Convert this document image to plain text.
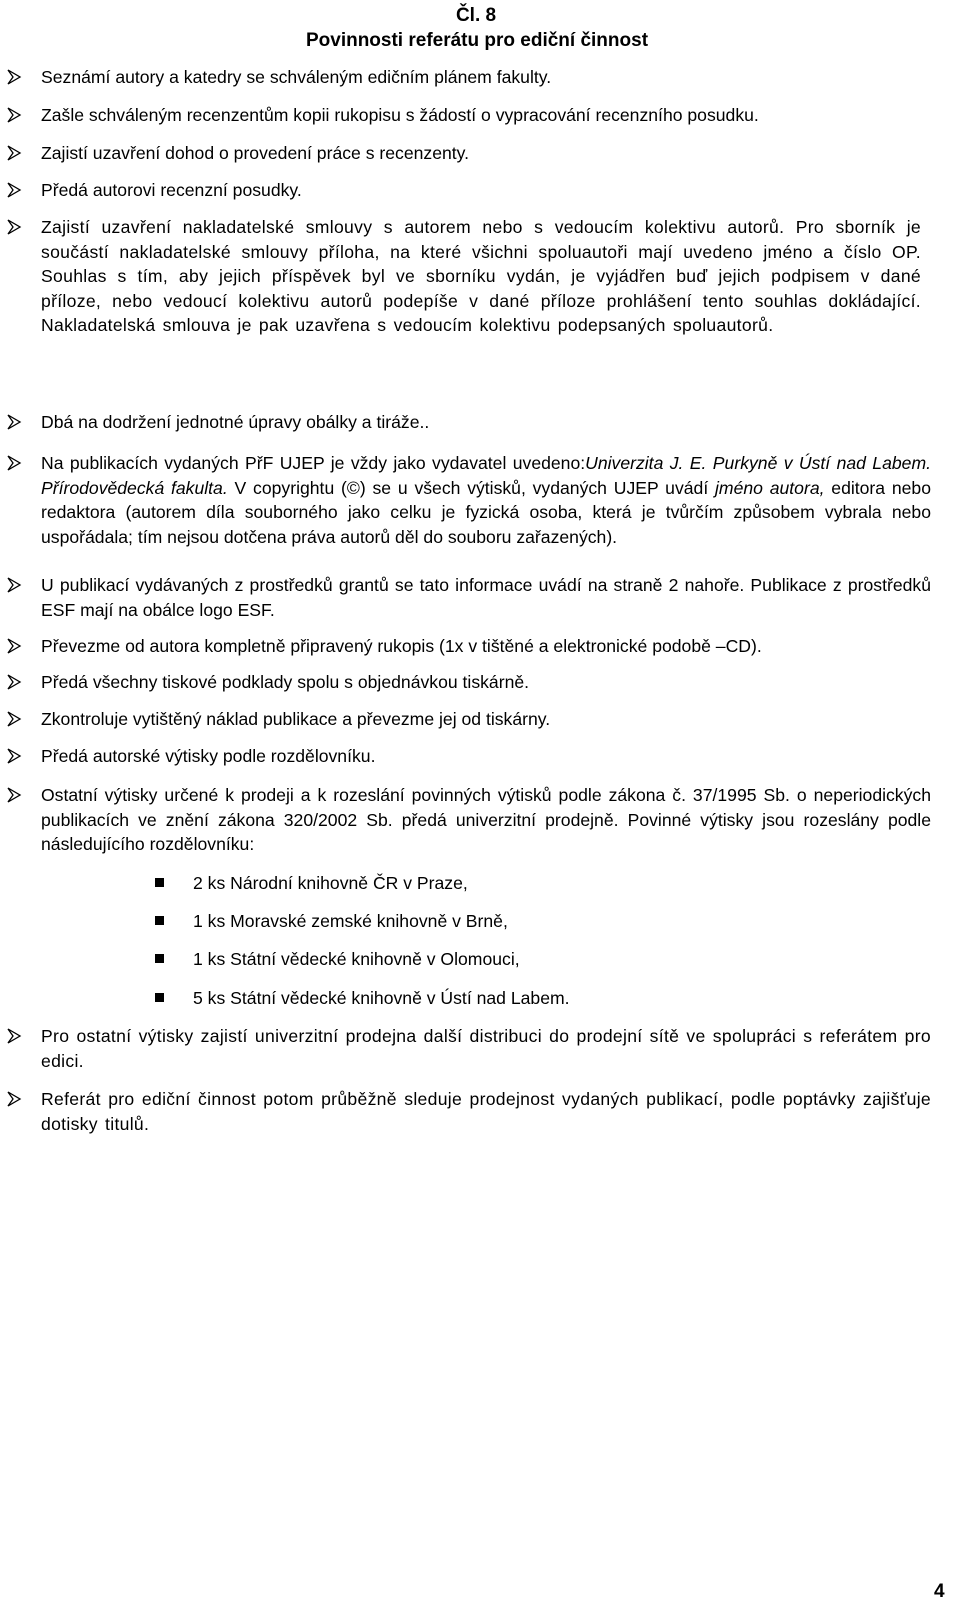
Čl. 8
Povinnosti referátu pro ediční činnost
Seznámí autory a katedry se schváleným edičním plánem fakulty.
Zašle schváleným recenzentům kopii rukopisu s žádostí o vypracování recenzního posudku.
Zajistí uzavření dohod o provedení práce s recenzenty.
Předá autorovi recenzní posudky.
Zajistí uzavření nakladatelské smlouvy s autorem nebo s vedoucím kolektivu autorů. Pro sborník je součástí nakladatelské smlouvy příloha, na které všichni spoluautoři mají uvedeno jméno a číslo OP. Souhlas s tím, aby jejich příspěvek byl ve sborníku vydán, je vyjádřen buď jejich podpisem v dané příloze, nebo vedoucí kolektivu autorů podepíše v dané příloze prohlášení tento souhlas dokládající. Nakladatelská smlouva je pak uzavřena s vedoucím kolektivu podepsaných spoluautorů.
Dbá na dodržení jednotné úpravy obálky a tiráže..
Na publikacích vydaných PřF UJEP je vždy jako vydavatel uvedeno:Univerzita J. E. Purkyně v Ústí nad Labem. Přírodovědecká fakulta. V copyrightu (©) se u všech výtisků, vydaných UJEP uvádí jméno autora, editora nebo redaktora (autorem díla souborného jako celku je fyzická osoba, která je tvůrčím způsobem vybrala nebo uspořádala; tím nejsou dotčena práva autorů děl do souboru zařazených).
U publikací vydávaných z prostředků grantů se tato informace uvádí na straně 2 nahoře. Publikace z prostředků ESF mají na obálce logo ESF.
Převezme od autora kompletně připravený rukopis (1x v tištěné a elektronické podobě –CD).
Předá všechny tiskové podklady spolu s objednávkou tiskárně.
Zkontroluje vytištěný náklad publikace a převezme jej od tiskárny.
Předá autorské výtisky podle rozdělovníku.
Ostatní výtisky určené k prodeji a k rozeslání povinných výtisků podle zákona č. 37/1995 Sb. o neperiodických publikacích ve znění zákona 320/2002 Sb. předá univerzitní prodejně. Povinné výtisky jsou rozeslány podle následujícího rozdělovníku:
2 ks Národní knihovně ČR v Praze,
1 ks Moravské zemské knihovně v Brně,
1 ks Státní vědecké knihovně v Olomouci,
5 ks Státní vědecké knihovně v Ústí nad Labem.
Pro ostatní výtisky zajistí univerzitní prodejna další distribuci do prodejní sítě ve spolupráci s referátem pro edici.
Referát pro ediční činnost potom průběžně sleduje prodejnost vydaných publikací, podle poptávky zajišťuje dotisky titulů.
4
